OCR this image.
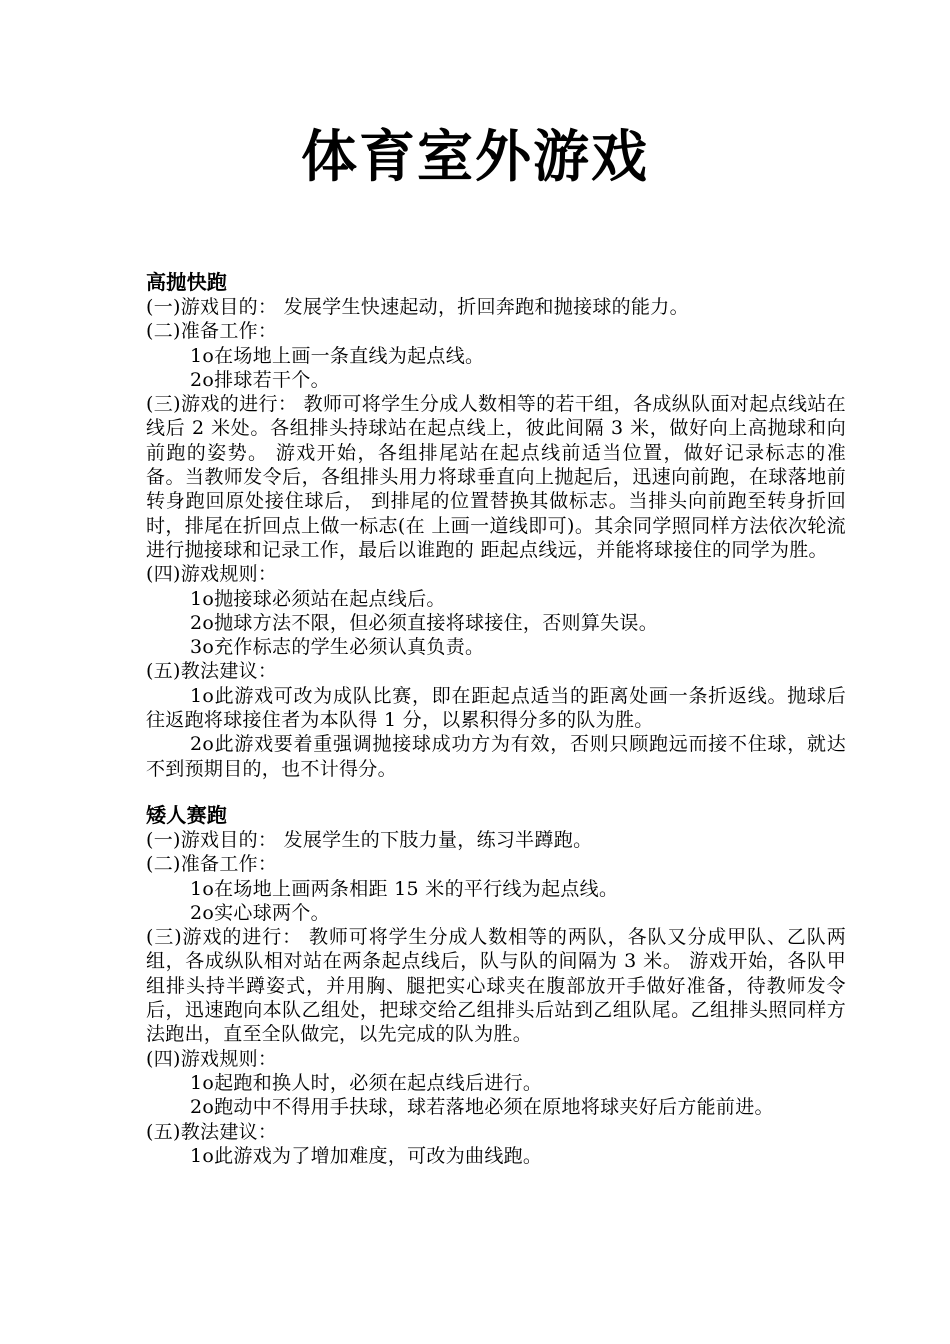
体育室外游戏
高抛快跑
(一)游戏目的： 发展学生快速起动，折回奔跑和抛接球的能力。
(二)准备工作：
1o在场地上画一条直线为起点线。
2o排球若干个。
(三)游戏的进行： 教师可将学生分成人数相等的若干组，各成纵队面对起点线站在线后 2 米处。各组排头持球站在起点线上，彼此间隔 3 米，做好向上高抛球和向前跑的姿势。 游戏开始，各组排尾站在起点线前适当位置，做好记录标志的准备。当教师发令后，各组排头用力将球垂直向上抛起后，迅速向前跑，在球落地前转身跑回原处接住球后， 到排尾的位置替换其做标志。当排头向前跑至转身折回时，排尾在折回点上做一标志(在 上画一道线即可)。其余同学照同样方法依次轮流进行抛接球和记录工作，最后以谁跑的 距起点线远，并能将球接住的同学为胜。
(四)游戏规则：
1o抛接球必须站在起点线后。
2o抛球方法不限，但必须直接将球接住，否则算失误。
3o充作标志的学生必须认真负责。
(五)教法建议：
1o此游戏可改为成队比赛，即在距起点适当的距离处画一条折返线。抛球后往返跑将球接住者为本队得 1 分，以累积得分多的队为胜。
2o此游戏要着重强调抛接球成功方为有效，否则只顾跑远而接不住球，就达不到预期目的，也不计得分。
矮人赛跑
(一)游戏目的： 发展学生的下肢力量，练习半蹲跑。
(二)准备工作：
1o在场地上画两条相距 15 米的平行线为起点线。
2o实心球两个。
(三)游戏的进行： 教师可将学生分成人数相等的两队，各队又分成甲队、乙队两组，各成纵队相对站在两条起点线后，队与队的间隔为 3 米。 游戏开始，各队甲组排头持半蹲姿式，并用胸、腿把实心球夹在腹部放开手做好准备，待教师发令后，迅速跑向本队乙组处，把球交给乙组排头后站到乙组队尾。乙组排头照同样方法跑出，直至全队做完，以先完成的队为胜。
(四)游戏规则：
1o起跑和换人时，必须在起点线后进行。
2o跑动中不得用手扶球，球若落地必须在原地将球夹好后方能前进。
(五)教法建议：
1o此游戏为了增加难度，可改为曲线跑。
